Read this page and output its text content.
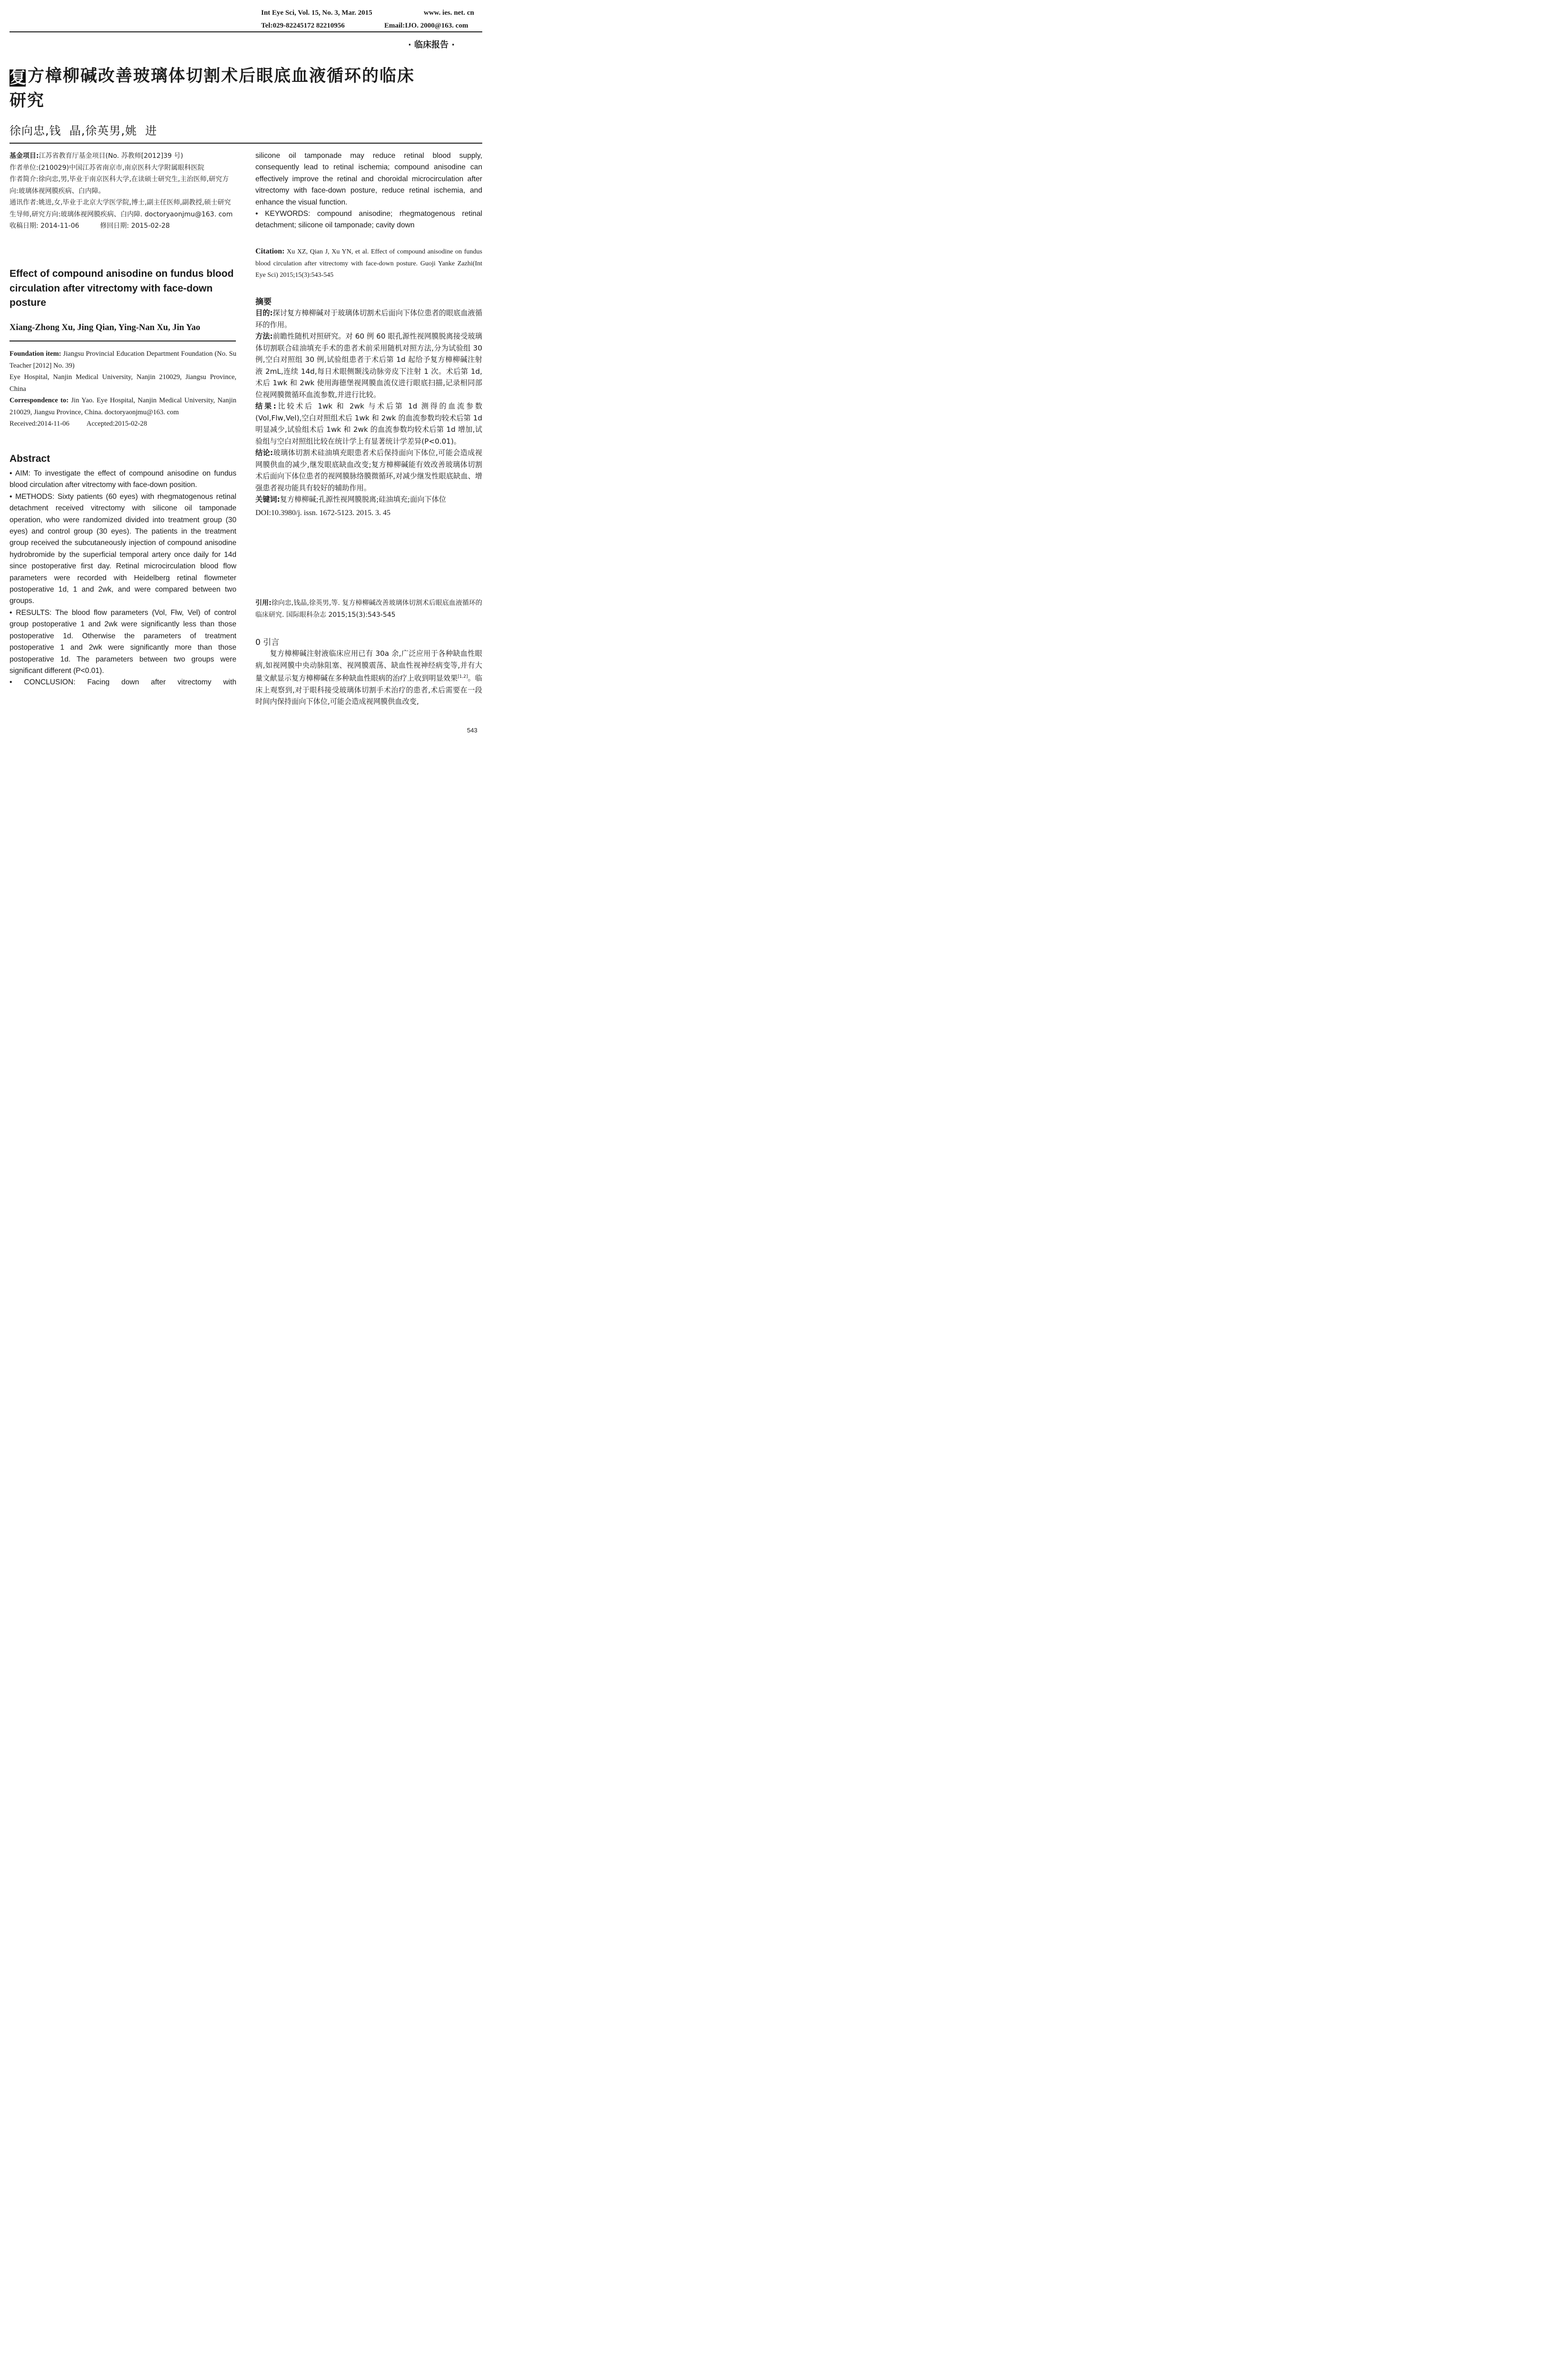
Int Eye Sci, Vol. 15, No. 3, Mar. 2015	www. ies. net. cn
Tel:029-82245172 82210956	Email:IJO. 2000@163. com
· 临床报告 ·
复方樟柳碱改善玻璃体切割术后眼底血液循环的临床
研究
徐向忠,钱  晶,徐英男,姚  进

基金项目:江苏省教育厅基金项目(No. 苏教师[2012]39 号)

作者单位:(210029)中国江苏省南京市,南京医科大学附属眼科医院

作者简介:徐向忠,男,毕业于南京医科大学,在读硕士研究生,主治医师,研究方向:玻璃体视网膜疾病、白内障。

通讯作者:姚进,女,毕业于北京大学医学院,博士,副主任医师,副教授,硕士研究生导师,研究方向:玻璃体视网膜疾病、白内障. doctoryaonjmu@163. com

收稿日期: 2014-11-06	修回日期: 2015-02-28

Effect of compound anisodine on fundus blood circulation after vitrectomy with face-down posture
Xiang-Zhong Xu, Jing Qian, Ying-Nan Xu, Jin Yao

Foundation item: Jiangsu Provincial Education Department Foundation (No. Su Teacher [2012] No. 39)

Eye Hospital, Nanjin Medical University, Nanjin 210029, Jiangsu Province, China

Correspondence to: Jin Yao. Eye Hospital, Nanjin Medical University, Nanjin 210029, Jiangsu Province, China. doctoryaonjmu@163. com

Received:2014-11-06 Accepted:2015-02-28

Abstract

• AIM: To investigate the effect of compound anisodine on fundus blood circulation after vitrectomy with face-down position.

• METHODS: Sixty patients (60 eyes) with rhegmatogenous retinal detachment received vitrectomy with silicone oil tamponade operation, who were randomized divided into treatment group (30 eyes) and control group (30 eyes). The patients in the treatment group received the subcutaneously injection of compound anisodine hydrobromide by the superficial temporal artery once daily for 14d since postoperative first day. Retinal microcirculation blood flow parameters were recorded with Heidelberg retinal flowmeter postoperative 1d, 1 and 2wk, and were compared between two groups.

• RESULTS: The blood flow parameters (Vol, Flw, Vel) of control group postoperative 1 and 2wk were significantly less than those postoperative 1d. Otherwise the parameters of treatment postoperative 1 and 2wk were significantly more than those postoperative 1d. The parameters between two groups were significant different (P<0.01).

• CONCLUSION: Facing down after vitrectomy with

silicone oil tamponade may reduce retinal blood supply, consequently lead to retinal ischemia; compound anisodine can effectively improve the retinal and choroidal microcirculation after vitrectomy with face-down posture, reduce retinal ischemia, and enhance the visual function.

• KEYWORDS: compound anisodine; rhegmatogenous retinal detachment; silicone oil tamponade; cavity down

Citation: Xu XZ, Qian J, Xu YN, et al. Effect of compound anisodine on fundus blood circulation after vitrectomy with face-down posture. Guoji Yanke Zazhi(Int Eye Sci) 2015;15(3):543-545

摘要

目的:探讨复方樟柳碱对于玻璃体切割术后面向下体位患者的眼底血液循环的作用。

方法:前瞻性随机对照研究。对 60 例 60 眼孔源性视网膜脱离接受玻璃体切割联合硅油填充手术的患者术前采用随机对照方法,分为试验组 30 例,空白对照组 30 例,试验组患者于术后第 1d 起给予复方樟柳碱注射液 2mL,连续 14d,每日术眼侧颞浅动脉旁皮下注射 1 次。术后第 1d,术后 1wk 和 2wk 使用海德堡视网膜血流仪进行眼底扫描,记录相同部位视网膜微循环血流参数,并进行比较。

结果:比较术后 1wk 和 2wk 与术后第 1d 测得的血流参数(Vol,Flw,Vel),空白对照组术后 1wk 和 2wk 的血流参数均较术后第 1d 明显减少,试验组术后 1wk 和 2wk 的血流参数均较术后第 1d 增加,试验组与空白对照组比较在统计学上有显著统计学差异(P<0.01)。

结论:玻璃体切割术硅油填充眼患者术后保持面向下体位,可能会造成视网膜供血的减少,继发眼底缺血改变;复方樟柳碱能有效改善玻璃体切割术后面向下体位患者的视网膜脉络膜微循环,对减少继发性眼底缺血、增强患者视功能具有较好的辅助作用。

关键词:复方樟柳碱;孔源性视网膜脱离;硅油填充;面向下体位

DOI:10.3980/j. issn. 1672-5123. 2015. 3. 45

引用:徐向忠,钱晶,徐英男,等. 复方樟柳碱改善玻璃体切割术后眼底血液循环的临床研究. 国际眼科杂志 2015;15(3):543-545

0 引言

复方樟柳碱注射液临床应用已有 30a 余,广泛应用于各种缺血性眼病,如视网膜中央动脉阻塞、视网膜震荡、缺血性视神经病变等,并有大量文献显示复方樟柳碱在多种缺血性眼病的治疗上收到明显效果[1,2]。临床上观察到,对于眼科接受玻璃体切割手术治疗的患者,术后需要在一段时间内保持面向下体位,可能会造成视网膜供血改变,

543
